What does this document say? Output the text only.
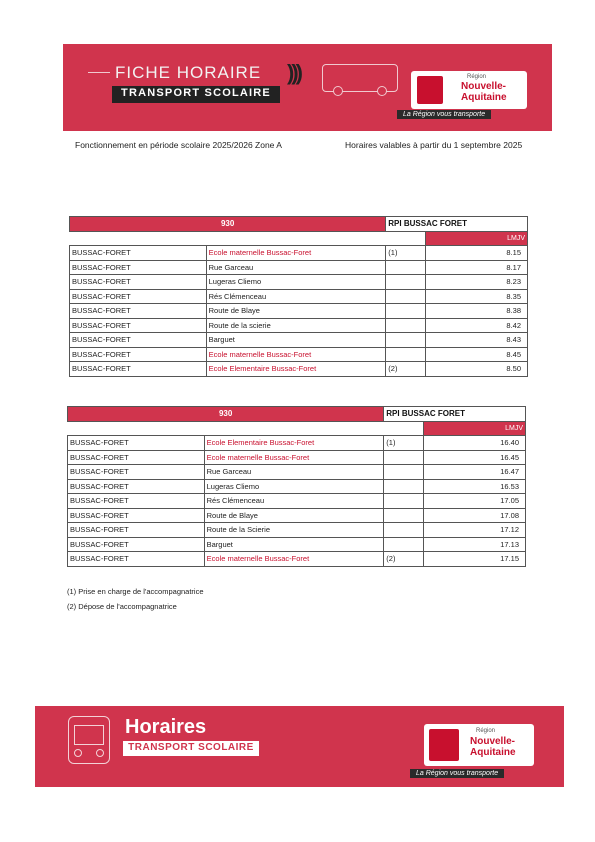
FICHE HORAIRE
TRANSPORT SCOLAIRE
)))	Région
Nouvelle-
Aquitaine
La Région vous transporte
Fonctionnement en période scolaire 2025/2026 Zone A	Horaires valables à partir du 1 septembre 2025
930		RPI BUSSAC FORET	
			LMJV
BUSSAC-FORET	Ecole maternelle Bussac-Foret	(1)	8.15
BUSSAC-FORET	Rue Garceau		8.17
BUSSAC-FORET	Lugeras Cliemo		8.23
BUSSAC-FORET	Rés Clémenceau		8.35
BUSSAC-FORET	Route de Blaye		8.38
BUSSAC-FORET	Route de la scierie		8.42
BUSSAC-FORET	Barguet		8.43
BUSSAC-FORET	Ecole maternelle Bussac-Foret		8.45
BUSSAC-FORET	Ecole Elementaire Bussac-Foret	(2)	8.50
930		RPI BUSSAC FORET	
			LMJV
BUSSAC-FORET	Ecole Elementaire Bussac-Foret	(1)	16.40
BUSSAC-FORET	Ecole maternelle Bussac-Foret		16.45
BUSSAC-FORET	Rue Garceau		16.47
BUSSAC-FORET	Lugeras Cliemo		16.53
BUSSAC-FORET	Rés Clémenceau		17.05
BUSSAC-FORET	Route de Blaye		17.08
BUSSAC-FORET	Route de la Scierie		17.12
BUSSAC-FORET	Barguet		17.13
BUSSAC-FORET	Ecole maternelle Bussac-Foret	(2)	17.15
(1) Prise en charge de l'accompagnatrice
(2) Dépose de l'accompagnatrice
Horaires
TRANSPORT SCOLAIRE
Région
Nouvelle-
Aquitaine
La Région vous transporte
